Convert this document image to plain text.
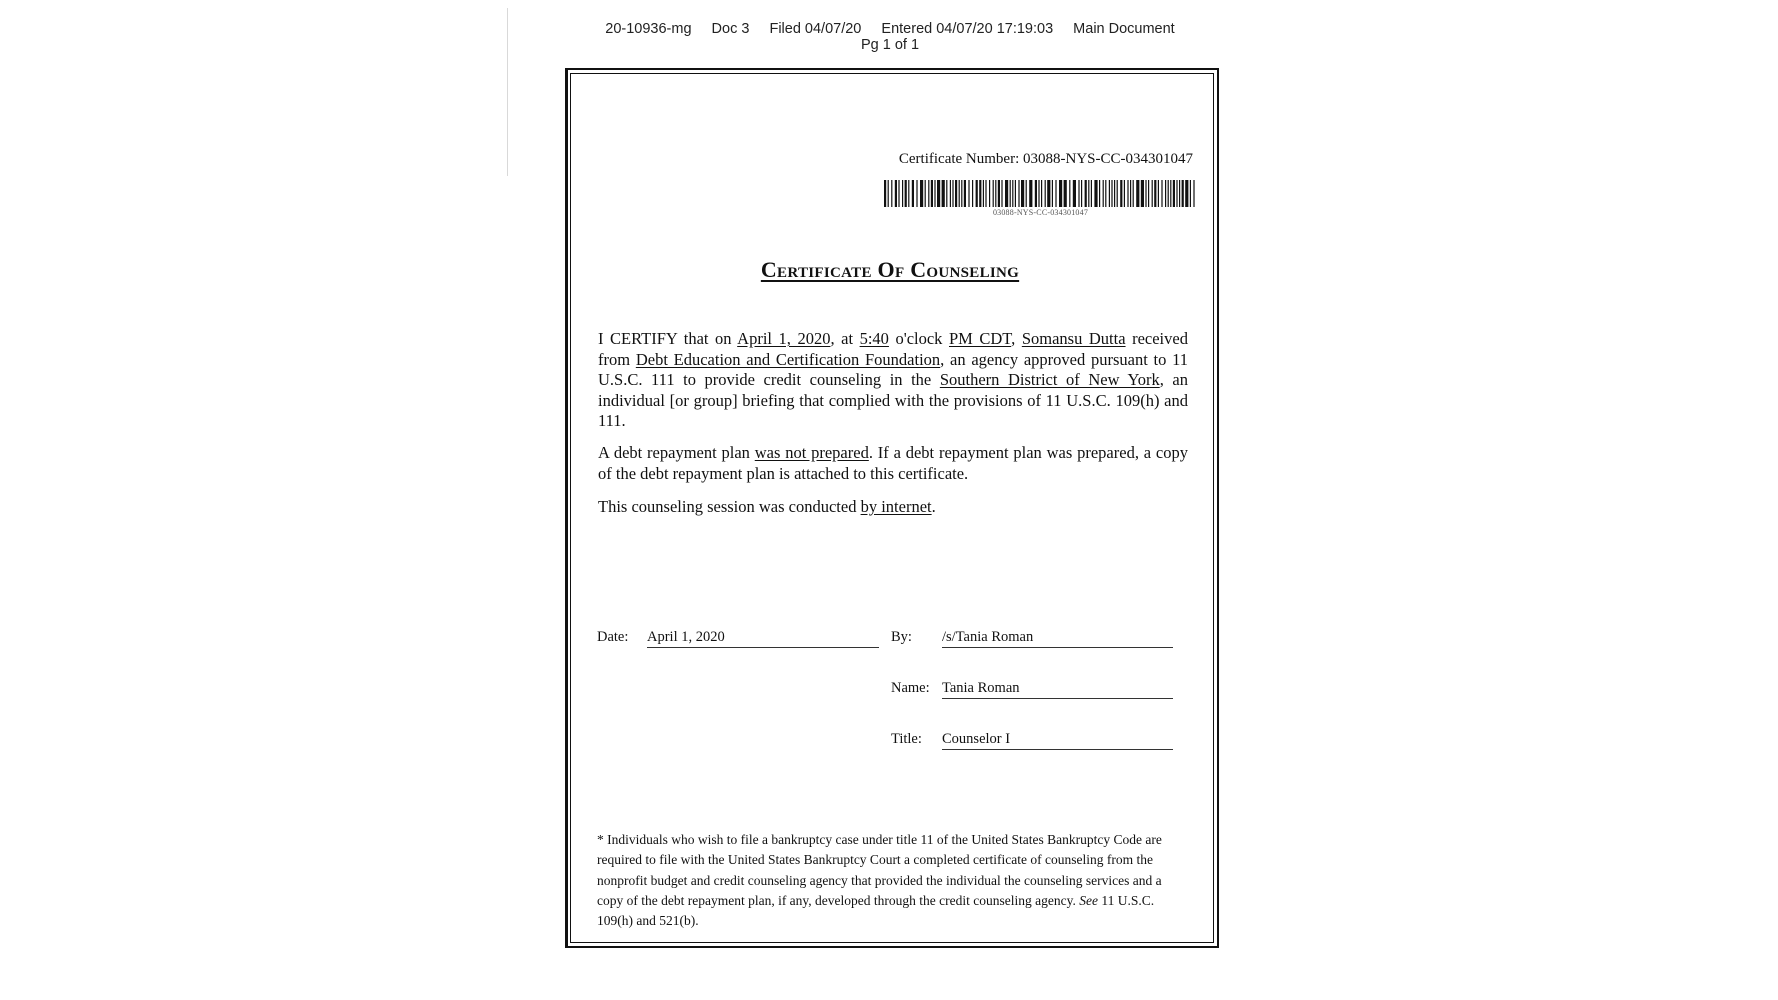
20-10936-mg Doc 3 Filed 04/07/20 Entered 04/07/20 17:19:03 Main Document
Pg 1 of 1
Certificate Number: 03088-NYS-CC-034301047
03088-NYS-CC-034301047
Certificate Of Counseling
I CERTIFY that on April 1, 2020, at 5:40 o'clock PM CDT, Somansu Dutta received from Debt Education and Certification Foundation, an agency approved pursuant to 11 U.S.C. 111 to provide credit counseling in the Southern District of New York, an individual [or group] briefing that complied with the provisions of 11 U.S.C. 109(h) and 111.
A debt repayment plan was not prepared. If a debt repayment plan was prepared, a copy of the debt repayment plan is attached to this certificate.
This counseling session was conducted by internet.
Date: April 1, 2020	By: /s/Tania Roman
Name: Tania Roman
Title: Counselor I
* Individuals who wish to file a bankruptcy case under title 11 of the United States Bankruptcy Code are required to file with the United States Bankruptcy Court a completed certificate of counseling from the nonprofit budget and credit counseling agency that provided the individual the counseling services and a copy of the debt repayment plan, if any, developed through the credit counseling agency. See 11 U.S.C. 109(h) and 521(b).
